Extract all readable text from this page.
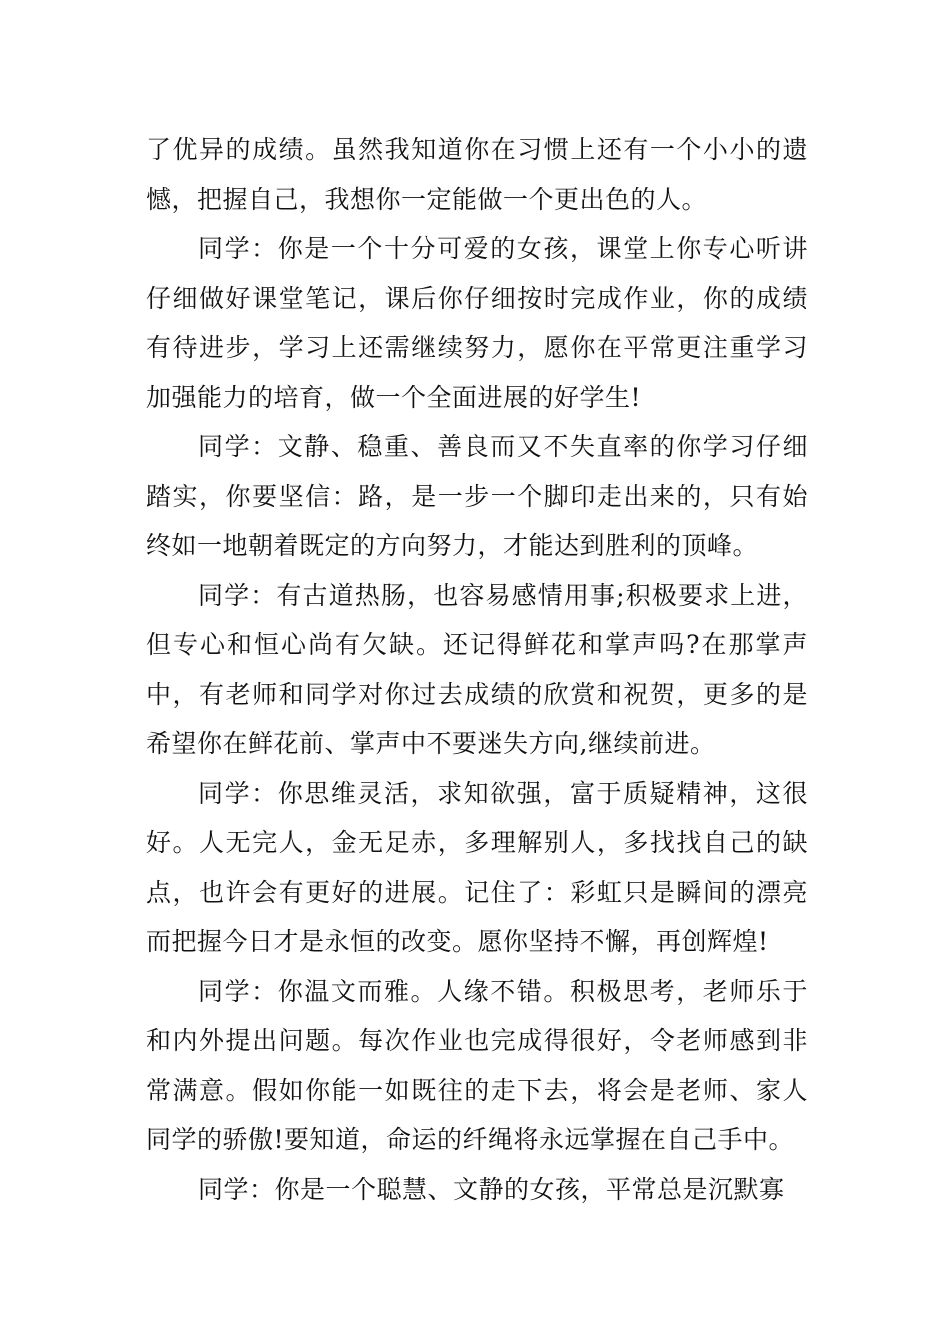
了优异的成绩。虽然我知道你在习惯上还有一个小小的遗憾，把握自己，我想你一定能做一个更出色的人。

同学：你是一个十分可爱的女孩，课堂上你专心听讲仔细做好课堂笔记，课后你仔细按时完成作业，你的成绩有待进步，学习上还需继续努力，愿你在平常更注重学习加强能力的培育，做一个全面进展的好学生!

同学：文静、稳重、善良而又不失直率的你学习仔细踏实，你要坚信：路，是一步一个脚印走出来的，只有始终如一地朝着既定的方向努力，才能达到胜利的顶峰。

同学：有古道热肠，也容易感情用事;积极要求上进，但专心和恒心尚有欠缺。还记得鲜花和掌声吗?在那掌声中，有老师和同学对你过去成绩的欣赏和祝贺，更多的是希望你在鲜花前、掌声中不要迷失方向,继续前进。

同学：你思维灵活，求知欲强，富于质疑精神，这很好。人无完人，金无足赤，多理解别人，多找找自己的缺点，也许会有更好的进展。记住了：彩虹只是瞬间的漂亮而把握今日才是永恒的改变。愿你坚持不懈，再创辉煌!

同学：你温文而雅。人缘不错。积极思考，老师乐于和内外提出问题。每次作业也完成得很好，令老师感到非常满意。假如你能一如既往的走下去，将会是老师、家人同学的骄傲!要知道，命运的纤绳将永远掌握在自己手中。

同学：你是一个聪慧、文静的女孩，平常总是沉默寡
